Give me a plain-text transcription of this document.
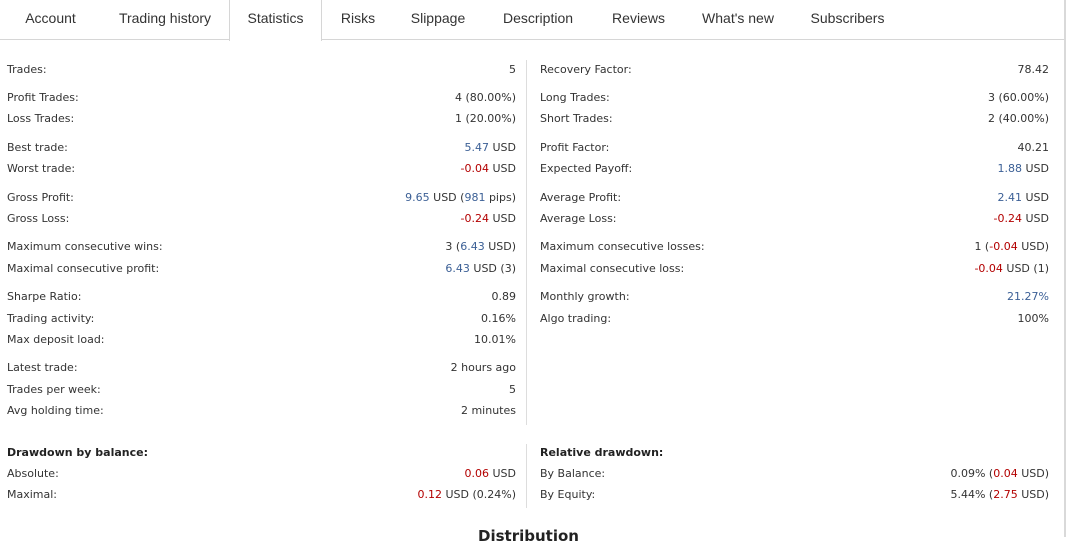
Account	Trading history	Statistics	Risks	Slippage	Description	Reviews	What's new	Subscribers
Trades:	5
Profit Trades:	4 (80.00%)
Loss Trades:	1 (20.00%)
Best trade:	5.47 USD
Worst trade:	-0.04 USD
Gross Profit:	9.65 USD (981 pips)
Gross Loss:	-0.24 USD
Maximum consecutive wins:	3 (6.43 USD)
Maximal consecutive profit:	6.43 USD (3)
Sharpe Ratio:	0.89
Trading activity:	0.16%
Max deposit load:	10.01%
Latest trade:	2 hours ago
Trades per week:	5
Avg holding time:	2 minutes
Drawdown by balance:
Absolute:	0.06 USD
Maximal:	0.12 USD (0.24%)
Recovery Factor:	78.42
Long Trades:	3 (60.00%)
Short Trades:	2 (40.00%)
Profit Factor:	40.21
Expected Payoff:	1.88 USD
Average Profit:	2.41 USD
Average Loss:	-0.24 USD
Maximum consecutive losses:	1 (-0.04 USD)
Maximal consecutive loss:	-0.04 USD (1)
Monthly growth:	21.27%
Algo trading:	100%
Relative drawdown:
By Balance:	0.09% (0.04 USD)
By Equity:	5.44% (2.75 USD)
Distribution
